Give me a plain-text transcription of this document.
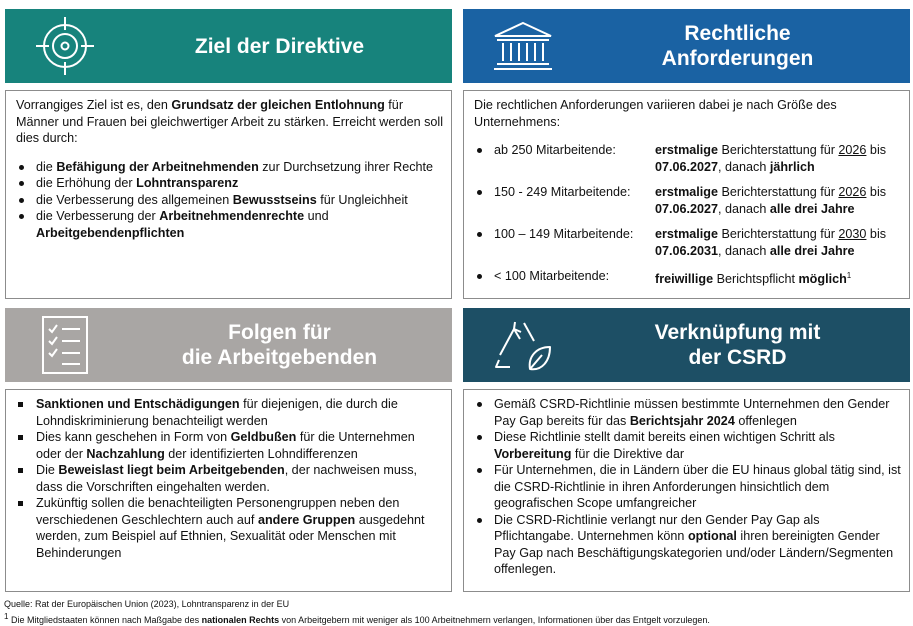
Ziel der Direktive
Rechtliche
Anforderungen

Vorrangiges Ziel ist es, den Grundsatz der gleichen Entlohnung für Männer und Frauen bei gleichwertiger Arbeit zu stärken. Erreicht werden soll dies durch:

die Befähigung der Arbeitnehmenden zur Durchsetzung ihrer Rechte
die Erhöhung der Lohntransparenz
die Verbesserung des allgemeinen Bewusstseins für Ungleichheit
die Verbesserung der Arbeitnehmendenrechte und Arbeitgebendenpflichten

Die rechtlichen Anforderungen variieren dabei je nach Größe des Unternehmens:

ab 250 Mitarbeitende:	erstmalige Berichterstattung für 2026 bis 07.06.2027, danach jährlich
150 - 249 Mitarbeitende:	erstmalige Berichterstattung für 2026 bis 07.06.2027, danach alle drei Jahre
100 – 149 Mitarbeitende:	erstmalige Berichterstattung für 2030 bis 07.06.2031, danach alle drei Jahre
< 100 Mitarbeitende:	freiwillige Berichtspflicht möglich$^1$
Folgen für
die Arbeitgebenden
Verknüpfung mit
der CSRD
Sanktionen und Entschädigungen für diejenigen, die durch die Lohndiskriminierung benachteiligt werden
Dies kann geschehen in Form von Geldbußen für die Unternehmen oder der Nachzahlung der identifizierten Lohndifferenzen
Die Beweislast liegt beim Arbeitgebenden, der nachweisen muss, dass die Vorschriften eingehalten werden.
Zukünftig sollen die benachteiligten Personengruppen neben den verschiedenen Geschlechtern auch auf andere Gruppen ausgedehnt werden, zum Beispiel auf Ethnien, Sexualität oder Menschen mit Behinderungen
Gemäß CSRD-Richtlinie müssen bestimmte Unternehmen den Gender Pay Gap bereits für das Berichtsjahr 2024 offenlegen
Diese Richtlinie stellt damit bereits einen wichtigen Schritt als Vorbereitung für die Direktive dar
Für Unternehmen, die in Ländern über die EU hinaus global tätig sind, ist die CSRD-Richtlinie in ihren Anforderungen hinsichtlich dem geografischen Scope umfangreicher
Die CSRD-Richtlinie verlangt nur den Gender Pay Gap als Pflichtangabe. Unternehmen könn optional ihren bereinigten Gender Pay Gap nach Beschäftigungskategorien und/oder Ländern/Segmenten offenlegen.
Quelle: Rat der Europäischen Union (2023), Lohntransparenz in der EU
$^1$ Die Mitgliedstaaten können nach Maßgabe des nationalen Rechts von Arbeitgebern mit weniger als 100 Arbeitnehmern verlangen, Informationen über das Entgelt vorzulegen.
